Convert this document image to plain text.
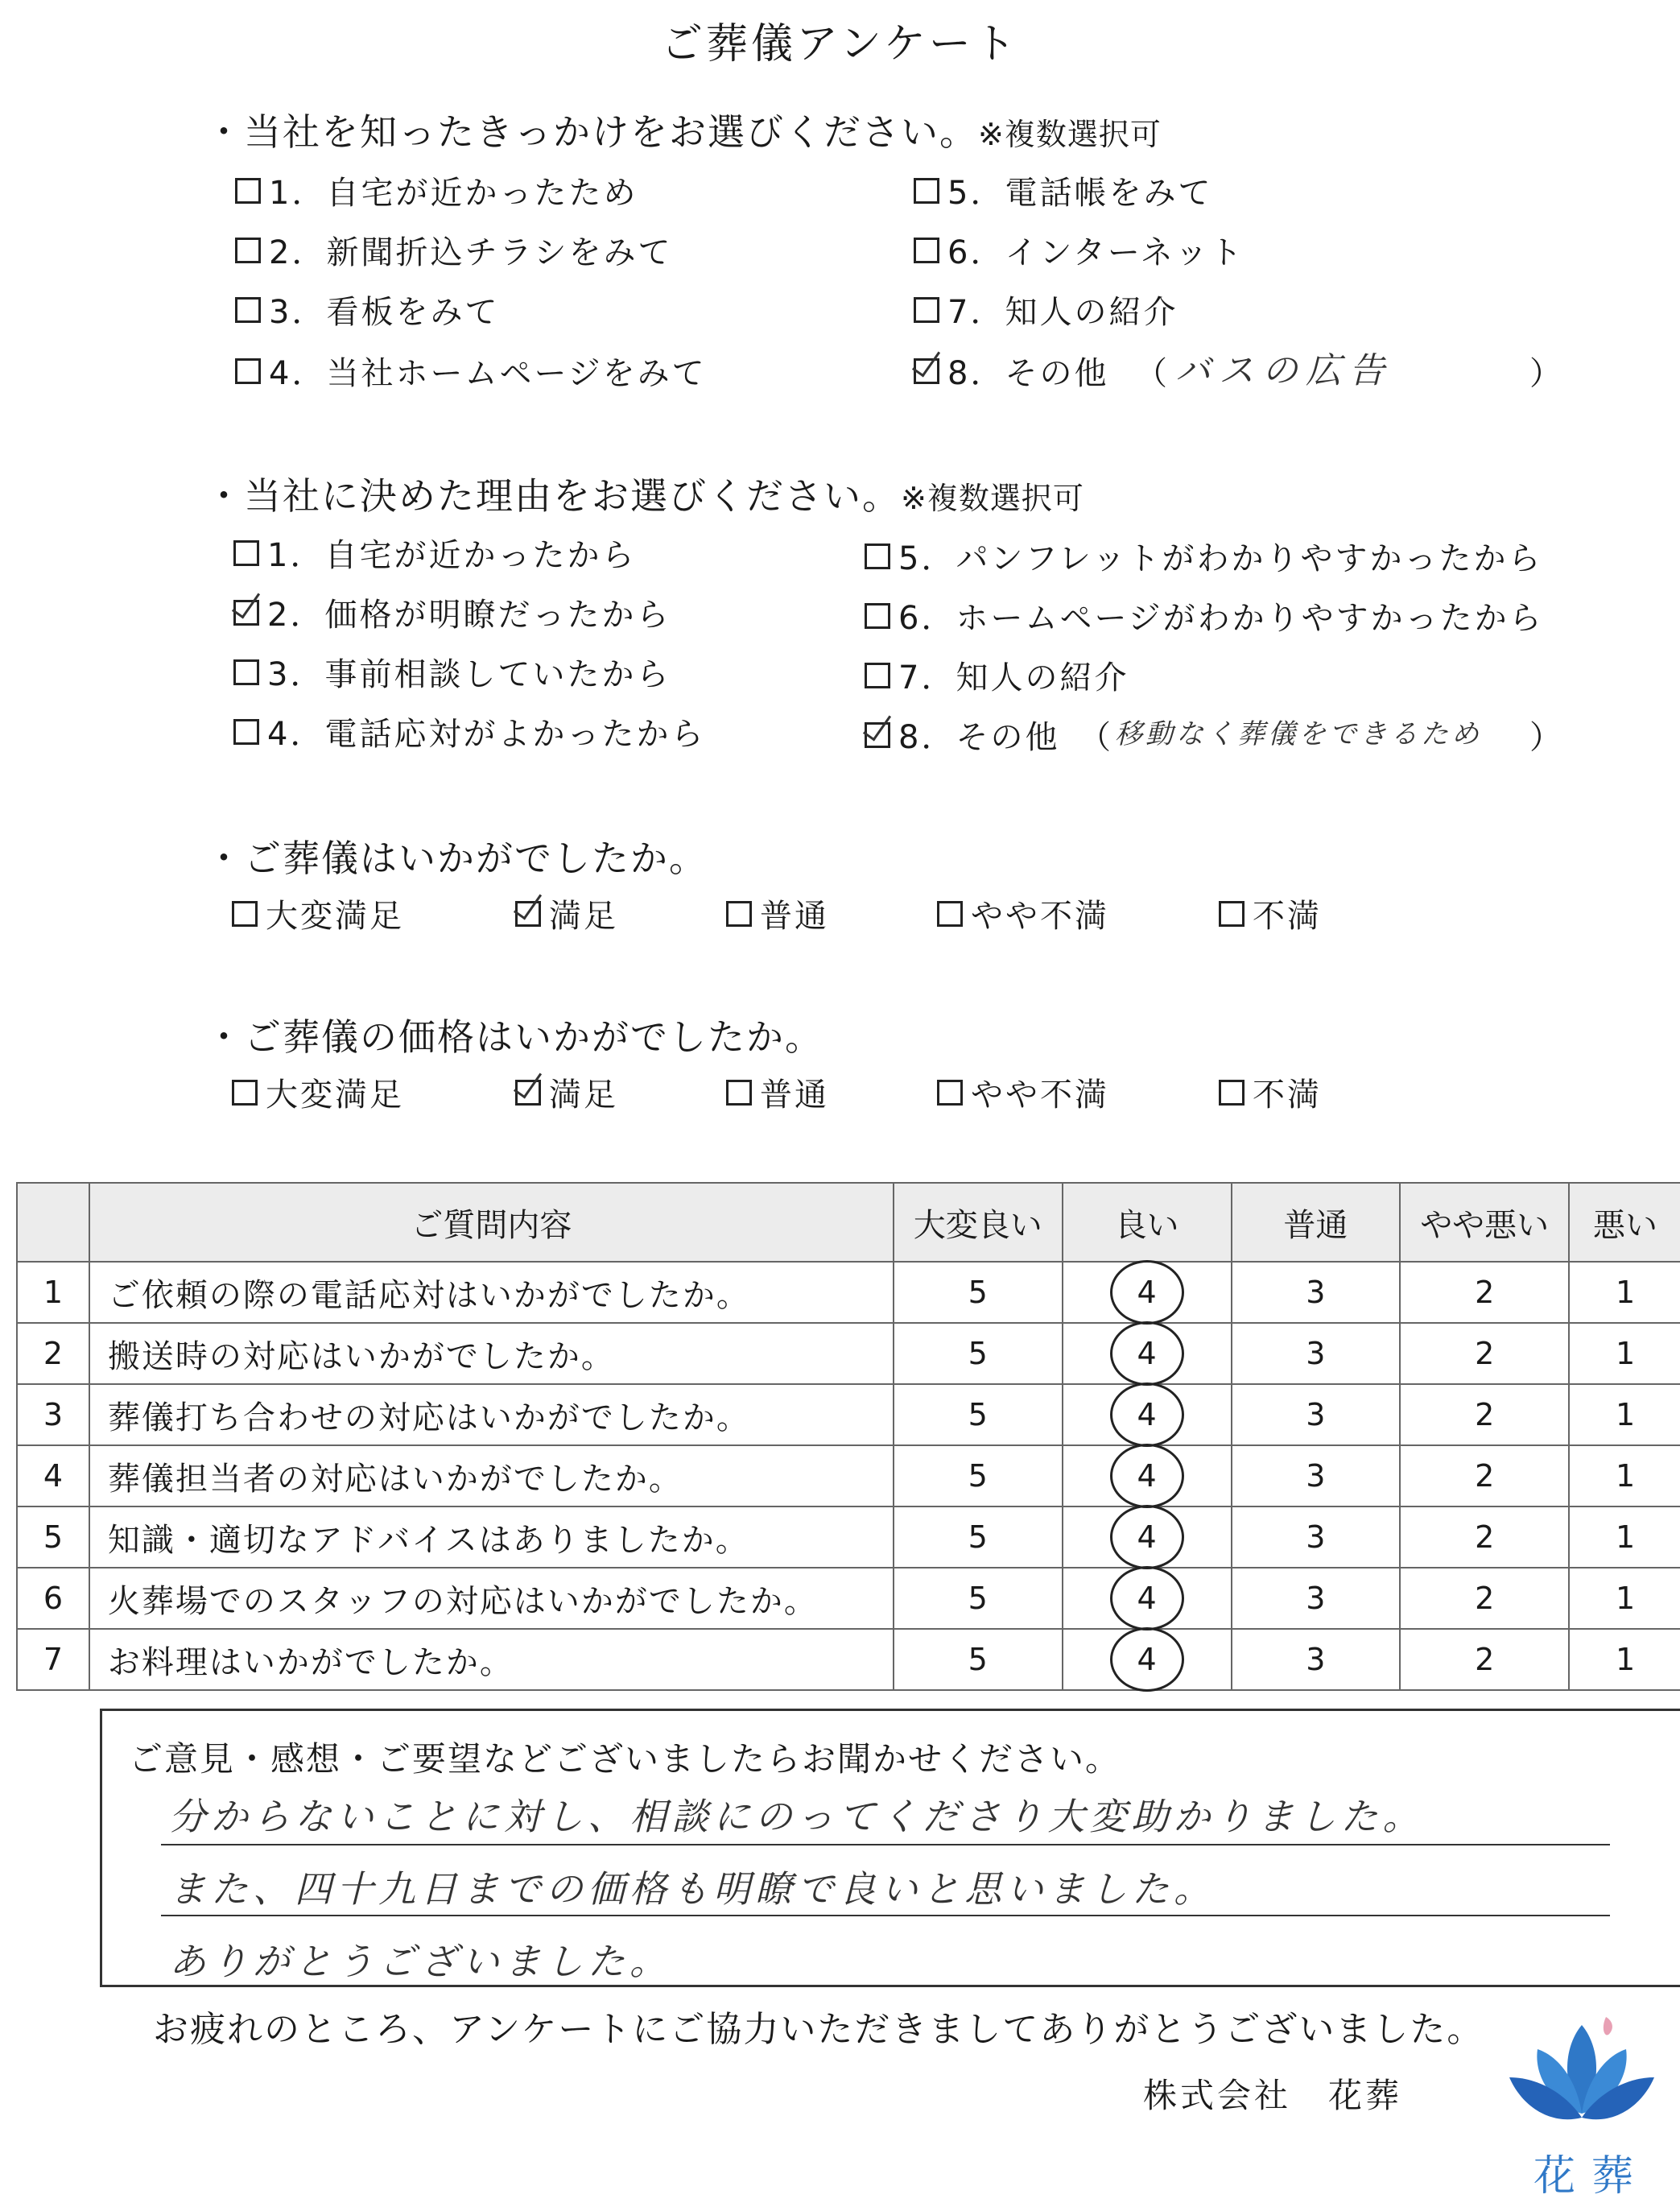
ご葬儀アンケート
・当社を知ったきっかけをお選びください。※複数選択可
1．自宅が近かったため
2．新聞折込チラシをみて
3．看板をみて
4．当社ホームページをみて
5．電話帳をみて
6．インターネット
7．知人の紹介
8．その他 （ バスの広告	）
・当社に決めた理由をお選びください。※複数選択可
1．自宅が近かったから
2．価格が明瞭だったから
3．事前相談していたから
4．電話応対がよかったから
5．パンフレットがわかりやすかったから
6．ホームページがわかりやすかったから
7．知人の紹介
8．その他 （ 移動なく葬儀をできるため ）
・ご葬儀はいかがでしたか。
大変満足	満足	普通	やや不満	不満
・ご葬儀の価格はいかがでしたか。
大変満足	満足	普通	やや不満	不満
	ご質問内容	大変良い	良い	普通	やや悪い	悪い
1	ご依頼の際の電話応対はいかがでしたか。	5	4	3	2	1
2	搬送時の対応はいかがでしたか。	5	4	3	2	1
3	葬儀打ち合わせの対応はいかがでしたか。	5	4	3	2	1
4	葬儀担当者の対応はいかがでしたか。	5	4	3	2	1
5	知識・適切なアドバイスはありましたか。	5	4	3	2	1
6	火葬場でのスタッフの対応はいかがでしたか。	5	4	3	2	1
7	お料理はいかがでしたか。	5	4	3	2	1
ご意見・感想・ご要望などございましたらお聞かせください。
分からないことに対し、相談にのってくださり大変助かりました。
また、四十九日までの価格も明瞭で良いと思いました。
ありがとうございました。
お疲れのところ、アンケートにご協力いただきましてありがとうございました。
株式会社　花葬
花葬
